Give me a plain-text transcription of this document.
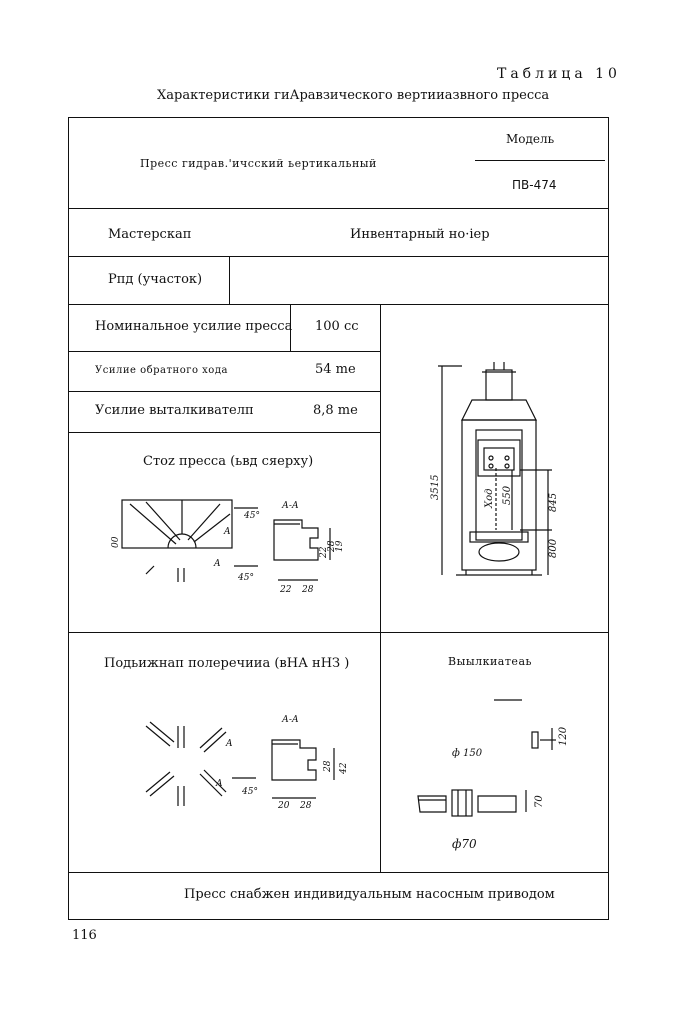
Таблица 10
Характеристики гиАравзического вертииазвного пресса
Пресс гидрав.'ичсский ьертикальный
Модель
ПВ-474
Мастерскап	Инвентарный но·іер
Рпд (участок)
Номинальное усилие пресса 100 сс
Усилие обратного хода	54 me
Усилие выталкивателп	8,8 me
3515	550
Ход	845
800
Стоz пресса (ьвд сяерху)
00
45°
45°
A
A
А-А
22
28
19
22 28
Подьижнап полеречииа (вНА нНЗ )
А-А
45°
A
A
28 42
20 28
Выылкиатеаь
ф 150
ф70
120
70
Пресс снабжен индивидуальным насосным приводом
116
